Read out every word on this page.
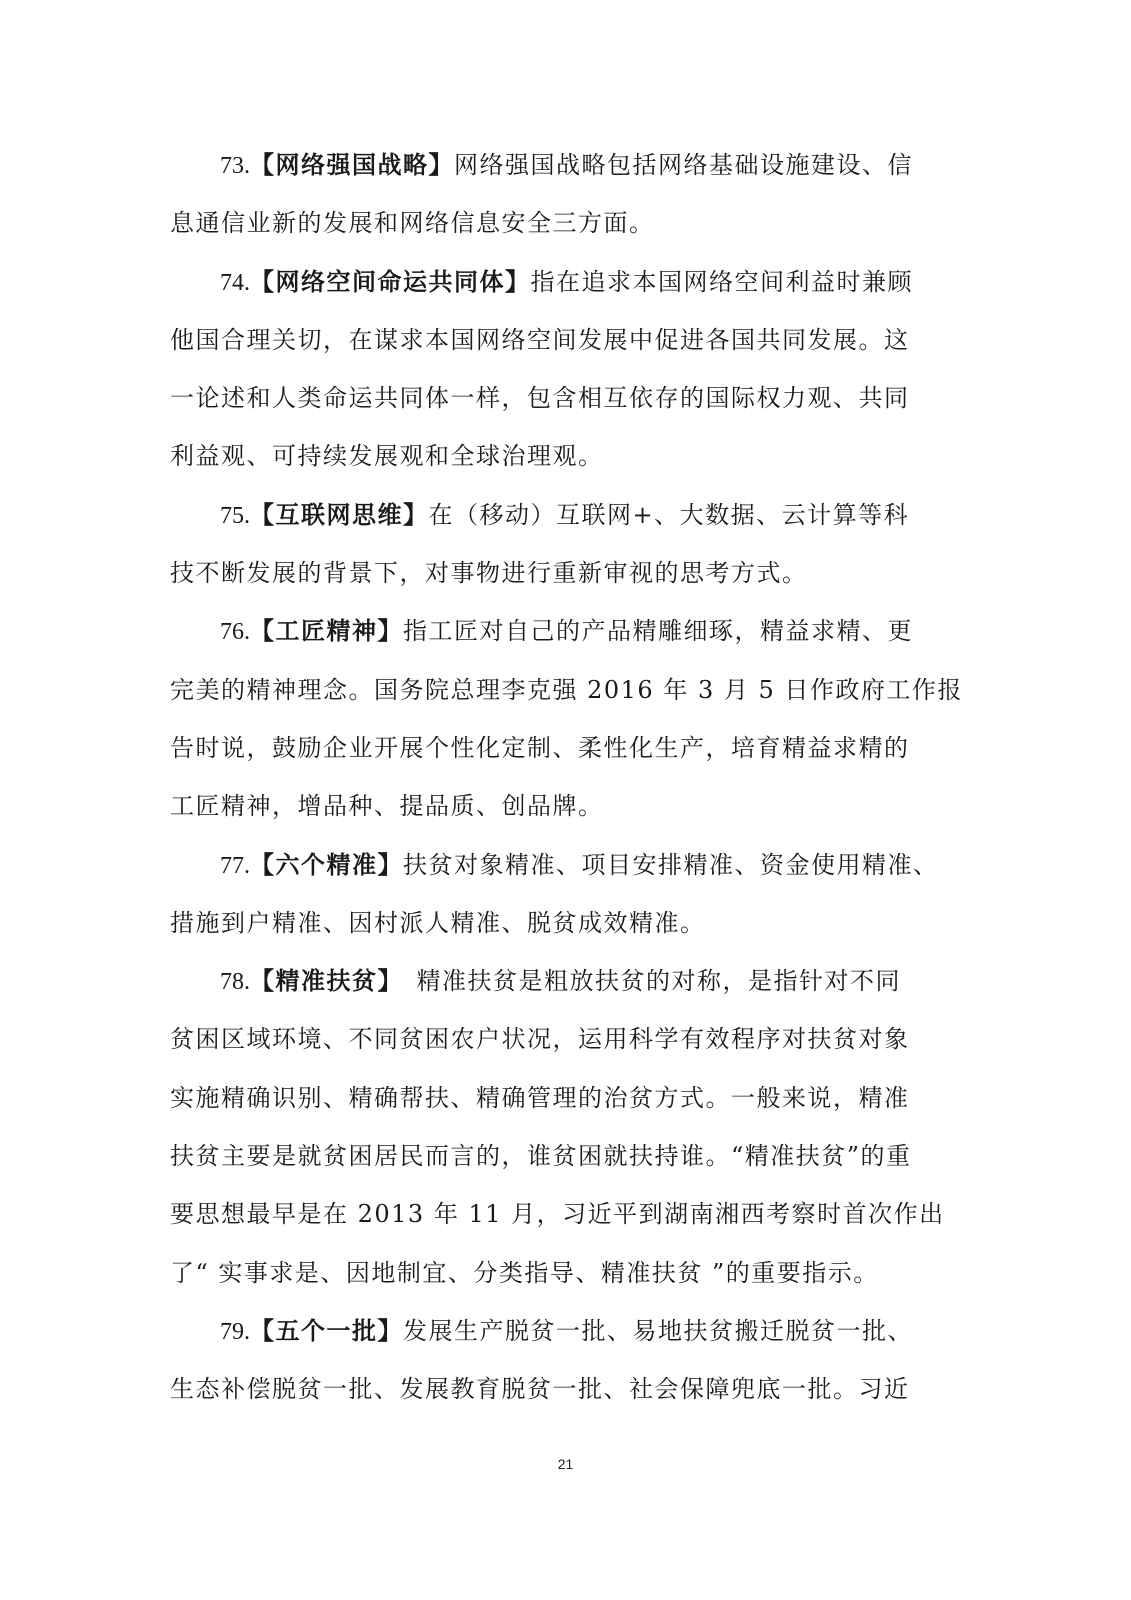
73.【网络强国战略】网络强国战略包括网络基础设施建设、信
息通信业新的发展和网络信息安全三方面。
74.【网络空间命运共同体】指在追求本国网络空间利益时兼顾
他国合理关切，在谋求本国网络空间发展中促进各国共同发展。这
一论述和人类命运共同体一样，包含相互依存的国际权力观、共同
利益观、可持续发展观和全球治理观。
75.【互联网思维】在（移动）互联网+、大数据、云计算等科
技不断发展的背景下，对事物进行重新审视的思考方式。
76.【工匠精神】指工匠对自己的产品精雕细琢，精益求精、更
完美的精神理念。国务院总理李克强 2016 年 3 月 5 日作政府工作报
告时说，鼓励企业开展个性化定制、柔性化生产，培育精益求精的
工匠精神，增品种、提品质、创品牌。
77.【六个精准】扶贫对象精准、项目安排精准、资金使用精准、
措施到户精准、因村派人精准、脱贫成效精准。
78.【精准扶贫】　精准扶贫是粗放扶贫的对称，是指针对不同
贫困区域环境、不同贫困农户状况，运用科学有效程序对扶贫对象
实施精确识别、精确帮扶、精确管理的治贫方式。一般来说，精准
扶贫主要是就贫困居民而言的，谁贫困就扶持谁。“精准扶贫”的重
要思想最早是在 2013 年 11 月，习近平到湖南湘西考察时首次作出
了“ 实事求是、因地制宜、分类指导、精准扶贫 ”的重要指示。
79.【五个一批】发展生产脱贫一批、易地扶贫搬迁脱贫一批、
生态补偿脱贫一批、发展教育脱贫一批、社会保障兜底一批。习近
21
